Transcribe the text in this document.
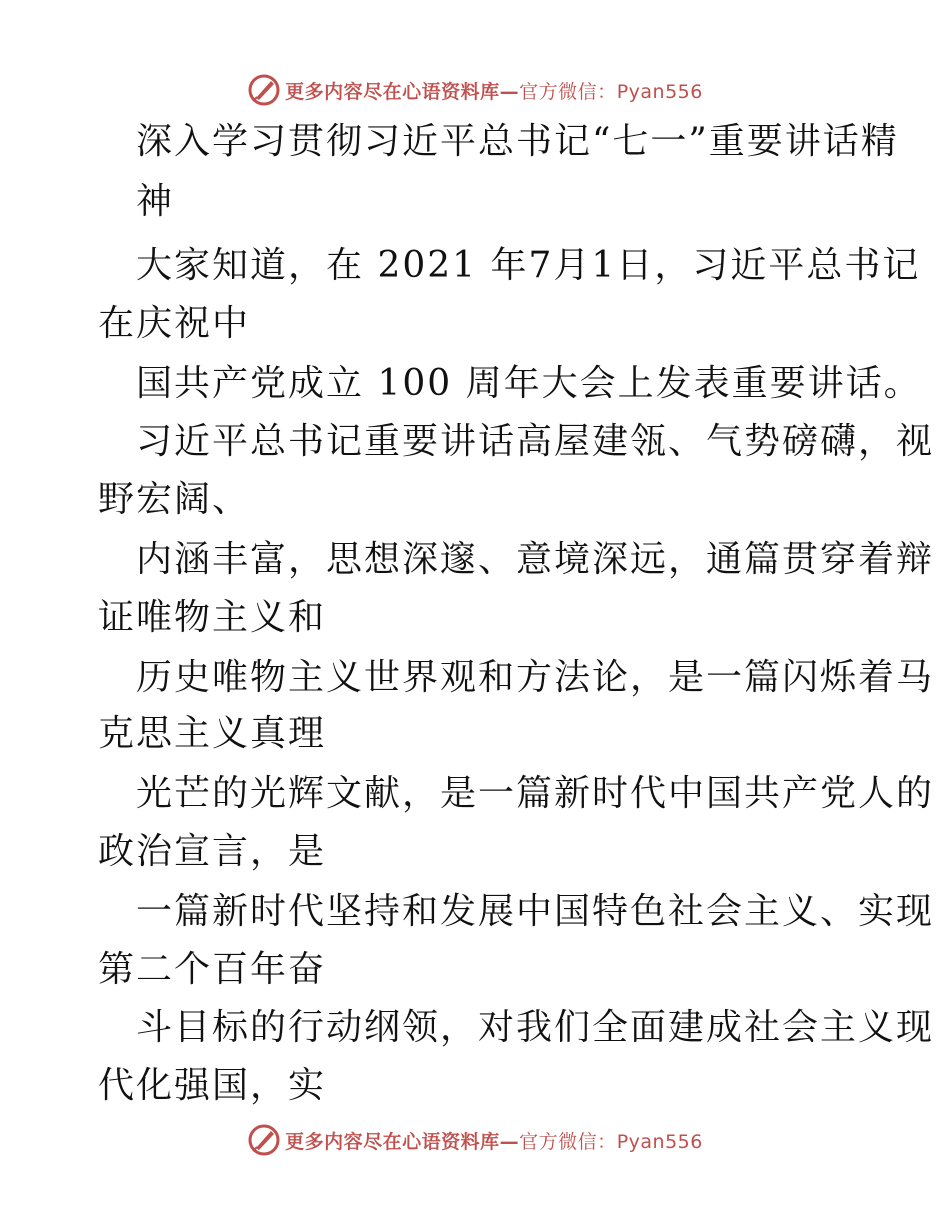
更多内容尽在心语资料库—官方微信：Pyan556
深入学习贯彻习近平总书记“七一”重要讲话精
神
大家知道，在 2021 年7月1日，习近平总书记
在庆祝中
国共产党成立 100 周年大会上发表重要讲话。
习近平总书记重要讲话高屋建瓴、气势磅礴，视
野宏阔、
内涵丰富，思想深邃、意境深远，通篇贯穿着辩
证唯物主义和
历史唯物主义世界观和方法论，是一篇闪烁着马
克思主义真理
光芒的光辉文献，是一篇新时代中国共产党人的
政治宣言，是
一篇新时代坚持和发展中国特色社会主义、实现
第二个百年奋
斗目标的行动纲领，对我们全面建成社会主义现
代化强国，实
更多内容尽在心语资料库—官方微信：Pyan556
